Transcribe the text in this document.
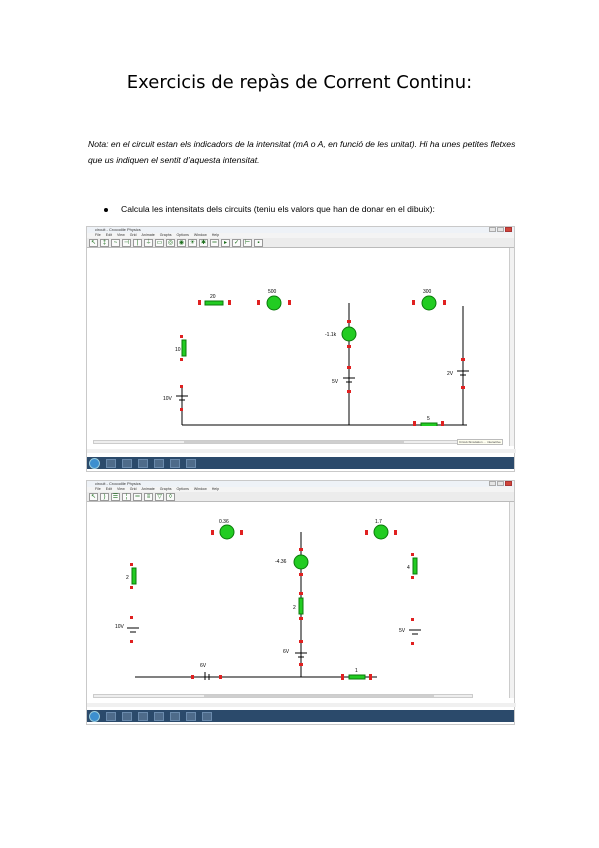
Exercicis de repàs de Corrent Continu:
Nota: en el circuit estan els indicadors de la intensitat (mA o A, en funció de les unitat). Hi ha unes petites fletxes que us indiquen el sentit d’aquesta intensitat.
Calcula les intensitats dels circuits (teniu els valors que han de donar en el dibuix):
circuit - Crocodile Physics
File Edit View Grid Animate Graphs Options Window Help
↖	‡	~	⊣	|	⏚ ▭ ◎ ◉ ☀ ✱	═	▸	✓ ⊢	▪
20
500	300
-1.1k
10
5V
2V
10V
5
Circuit-Simulation … interactive
circuit - Crocodile Physics
File Edit View Grid Animate Graphs Options Window Help
↖	)	☰	¦	═	≡	▽	◊
0.36	1.7
-4.36
2
2
4
10V
6V
5V
6V
1
